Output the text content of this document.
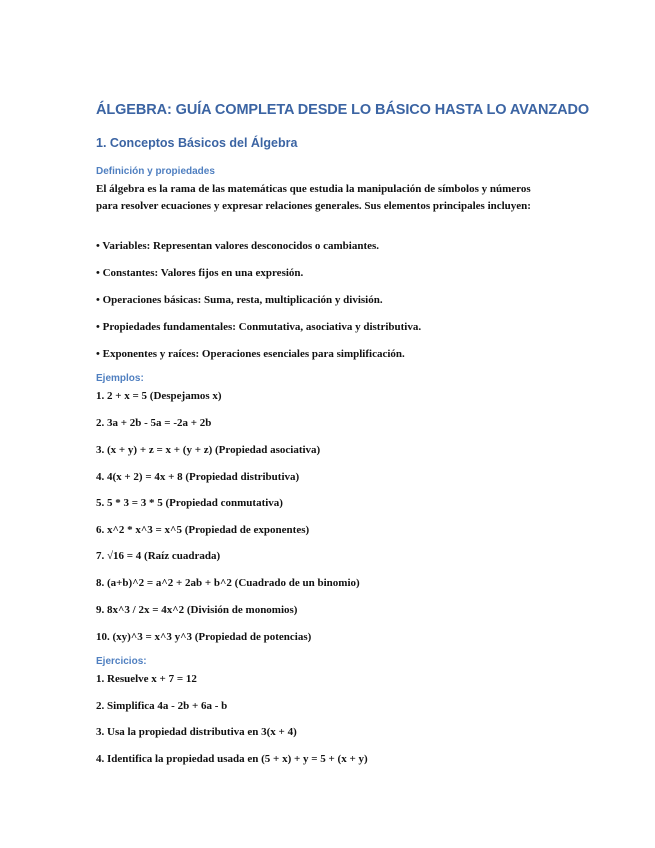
ÁLGEBRA: GUÍA COMPLETA DESDE LO BÁSICO HASTA LO AVANZADO
1. Conceptos Básicos del Álgebra
Definición y propiedades

El álgebra es la rama de las matemáticas que estudia la manipulación de símbolos y números para resolver ecuaciones y expresar relaciones generales. Sus elementos principales incluyen:

• Variables: Representan valores desconocidos o cambiantes.

• Constantes: Valores fijos en una expresión.

• Operaciones básicas: Suma, resta, multiplicación y división.

• Propiedades fundamentales: Conmutativa, asociativa y distributiva.

• Exponentes y raíces: Operaciones esenciales para simplificación.

Ejemplos:

1. 2 + x = 5 (Despejamos x)

2. 3a + 2b - 5a = -2a + 2b

3. (x + y) + z = x + (y + z) (Propiedad asociativa)

4. 4(x + 2) = 4x + 8 (Propiedad distributiva)

5. 5 * 3 = 3 * 5 (Propiedad conmutativa)

6. x^2 * x^3 = x^5 (Propiedad de exponentes)

7. √16 = 4 (Raíz cuadrada)

8. (a+b)^2 = a^2 + 2ab + b^2 (Cuadrado de un binomio)

9. 8x^3 / 2x = 4x^2 (División de monomios)

10. (xy)^3 = x^3 y^3 (Propiedad de potencias)

Ejercicios:

1. Resuelve x + 7 = 12

2. Simplifica 4a - 2b + 6a - b

3. Usa la propiedad distributiva en 3(x + 4)

4. Identifica la propiedad usada en (5 + x) + y = 5 + (x + y)
